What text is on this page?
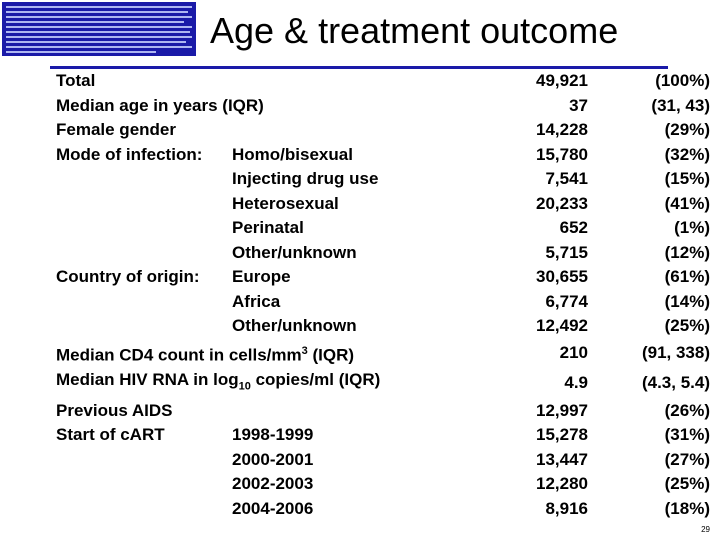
Age & treatment outcome
Total		49,921	(100%)
Median age in years (IQR)		37	(31, 43)
Female gender		14,228	(29%)
Mode of infection:	Homo/bisexual	15,780	(32%)
	Injecting drug use	7,541	(15%)
	Heterosexual	20,233	(41%)
	Perinatal	652	(1%)
	Other/unknown	5,715	(12%)
Country of origin:	Europe	30,655	(61%)
	Africa	6,774	(14%)
	Other/unknown	12,492	(25%)
Median CD4 count in cells/$mm^3$ (IQR)		210	(91, 338)
Median HIV RNA in $\log_{10}$ copies/ml (IQR)		4.9	(4.3, 5.4)
Previous AIDS		12,997	(26%)
Start of cART	1998-1999	15,278	(31%)
	2000-2001	13,447	(27%)
	2002-2003	12,280	(25%)
	2004-2006	8,916	(18%)
29
